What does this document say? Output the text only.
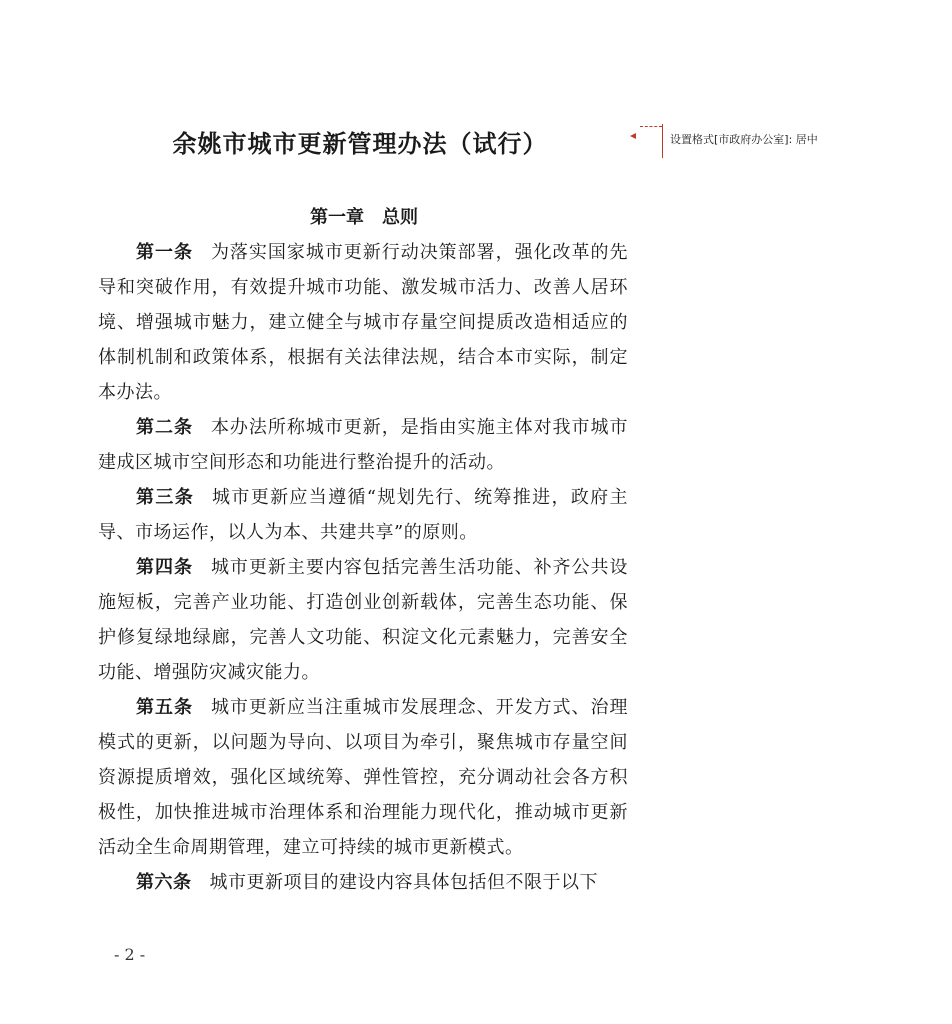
余姚市城市更新管理办法（试行）	设置格式[市政府办公室]: 居中
第一章　总则

第一条 为落实国家城市更新行动决策部署，强化改革的先导和突破作用，有效提升城市功能、激发城市活力、改善人居环境、增强城市魅力，建立健全与城市存量空间提质改造相适应的体制机制和政策体系，根据有关法律法规，结合本市实际，制定本办法。

第二条 本办法所称城市更新，是指由实施主体对我市城市建成区城市空间形态和功能进行整治提升的活动。

第三条 城市更新应当遵循“规划先行、统筹推进，政府主导、市场运作，以人为本、共建共享”的原则。

第四条 城市更新主要内容包括完善生活功能、补齐公共设施短板，完善产业功能、打造创业创新载体，完善生态功能、保护修复绿地绿廊，完善人文功能、积淀文化元素魅力，完善安全功能、增强防灾减灾能力。

第五条 城市更新应当注重城市发展理念、开发方式、治理模式的更新，以问题为导向、以项目为牵引，聚焦城市存量空间资源提质增效，强化区域统筹、弹性管控，充分调动社会各方积极性，加快推进城市治理体系和治理能力现代化，推动城市更新活动全生命周期管理，建立可持续的城市更新模式。

第六条 城市更新项目的建设内容具体包括但不限于以下

- 2 -
